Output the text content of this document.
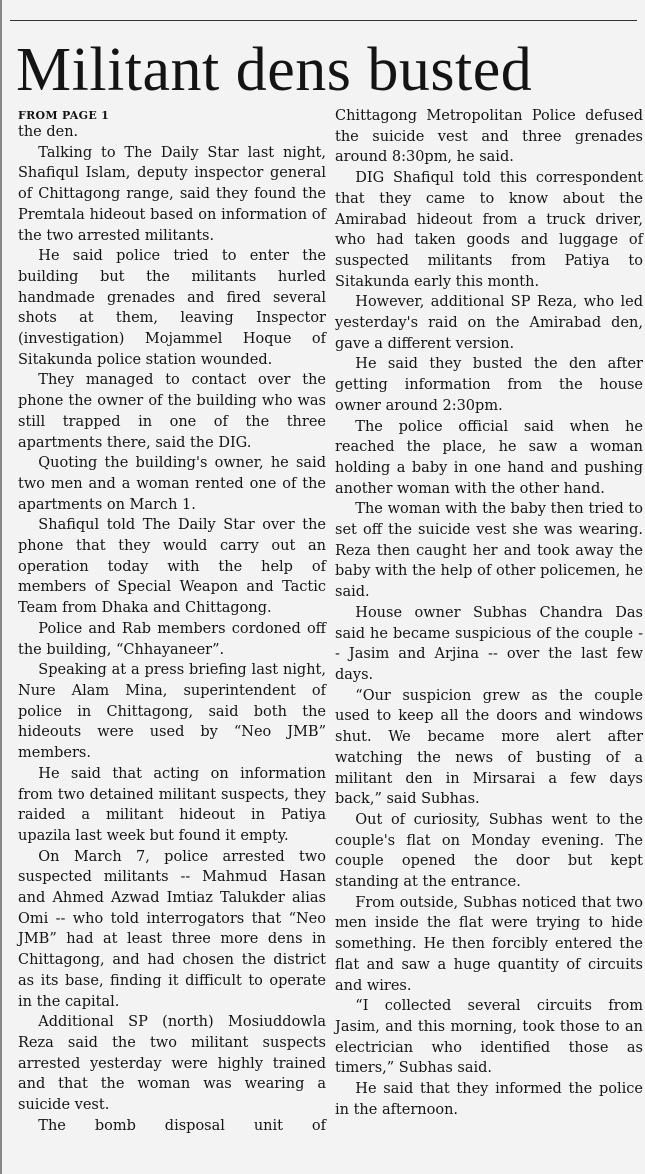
Militant dens busted
FROM PAGE 1

the den.

Talking to The Daily Star last night, Shafiqul Islam, deputy inspector general of Chittagong range, said they found the Premtala hideout based on information of the two arrested militants.

He said police tried to enter the building but the militants hurled handmade grenades and fired several shots at them, leaving Inspector (investigation) Mojammel Hoque of Sitakunda police station wounded.

They managed to contact over the phone the owner of the building who was still trapped in one of the three apartments there, said the DIG.

Quoting the building's owner, he said two men and a woman rented one of the apartments on March 1.

Shafiqul told The Daily Star over the phone that they would carry out an operation today with the help of members of Special Weapon and Tactic Team from Dhaka and Chittagong.

Police and Rab members cordoned off the building, “Chhayaneer”.

Speaking at a press briefing last night, Nure Alam Mina, superintendent of police in Chittagong, said both the hideouts were used by “Neo JMB” members.

He said that acting on information from two detained militant suspects, they raided a militant hideout in Patiya upazila last week but found it empty.

On March 7, police arrested two suspected militants -- Mahmud Hasan and Ahmed Azwad Imtiaz Talukder alias Omi -- who told interrogators that “Neo JMB” had at least three more dens in Chittagong, and had chosen the district as its base, finding it difficult to operate in the capital.

Additional SP (north) Mosiuddowla Reza said the two militant suspects arrested yesterday were highly trained and that the woman was wearing a suicide vest.

The bomb disposal unit of

Chittagong Metropolitan Police defused the suicide vest and three grenades around 8:30pm, he said.

DIG Shafiqul told this correspondent that they came to know about the Amirabad hideout from a truck driver, who had taken goods and luggage of suspected militants from Patiya to Sitakunda early this month.

However, additional SP Reza, who led yesterday's raid on the Amirabad den, gave a different version.

He said they busted the den after getting information from the house owner around 2:30pm.

The police official said when he reached the place, he saw a woman holding a baby in one hand and pushing another woman with the other hand.

The woman with the baby then tried to set off the suicide vest she was wearing. Reza then caught her and took away the baby with the help of other policemen, he said.

House owner Subhas Chandra Das said he became suspicious of the couple -- Jasim and Arjina -- over the last few days.

“Our suspicion grew as the couple used to keep all the doors and windows shut. We became more alert after watching the news of busting of a militant den in Mirsarai a few days back,” said Subhas.

Out of curiosity, Subhas went to the couple's flat on Monday evening. The couple opened the door but kept standing at the entrance.

From outside, Subhas noticed that two men inside the flat were trying to hide something. He then forcibly entered the flat and saw a huge quantity of circuits and wires.

“I collected several circuits from Jasim, and this morning, took those to an electrician who identified those as timers,” Subhas said.

He said that they informed the police in the afternoon.
